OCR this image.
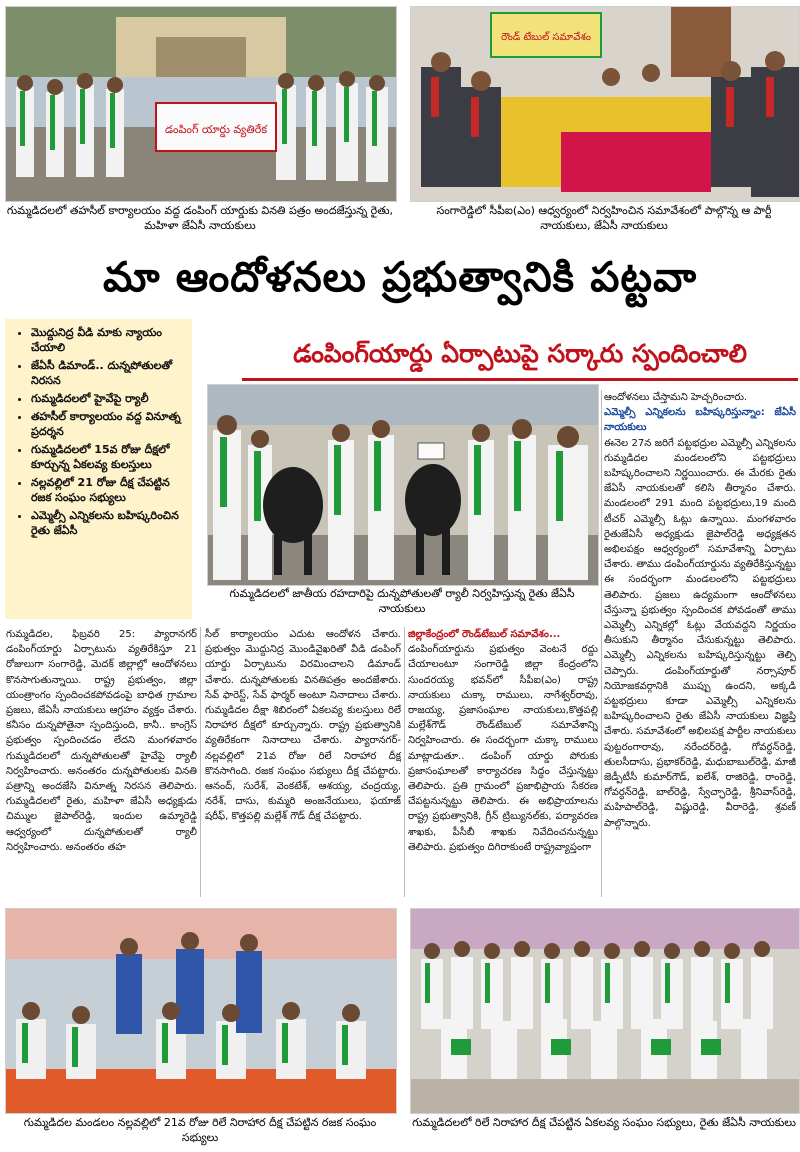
డంపింగ్ యార్డు వ్యతిరేక
గుమ్మడిదలలో తహసీల్ కార్యాలయం వద్ద డంపింగ్ యార్డుకు వినతి పత్రం అందజేస్తున్న రైతు, మహిళా జేఏసీ నాయకులు
రౌండ్ టేబుల్ సమావేశం
సంగారెడ్డిలో సీపీఐ(ఎం) ఆధ్వర్యంలో నిర్వహించిన సమావేశంలో పాల్గొన్న ఆ పార్టీ నాయకులు, జేఏసీ నాయకులు
మా ఆందోళనలు ప్రభుత్వానికి పట్టవా
• మొద్దునిద్ర వీడి మాకు న్యాయం చేయాలి
• జేఏసీ డిమాండ్.. దున్నపోతులతో నిరసన
• గుమ్మడిదలలో హైవేపై ర్యాలీ
• తహసీల్ కార్యాలయం వద్ద వినూత్న ప్రదర్శన
• గుమ్మడిదలలో 15వ రోజు దీక్షలో కూర్చున్న ఏకలవ్య కులస్తులు
• నల్లవల్లిలో 21 రోజు దీక్ష చేపట్టిన రజక సంఘం సభ్యులు
• ఎమ్మెల్సీ ఎన్నికలను బహిష్కరించిన రైతు జేఏసీ
డంపింగ్‌యార్డు ఏర్పాటుపై సర్కారు స్పందించాలి
గుమ్మడిదలలో జాతీయ రహదారిపై దున్నపోతులతో ర్యాలీ నిర్వహిస్తున్న రైతు జేఏసీ నాయకులు

గుమ్మడిదల, ఫిబ్రవరి 25: ప్యారానగర్ డంపింగ్‌యార్డు ఏర్పాటును వ్యతిరేకిస్తూ 21 రోజులుగా సంగారెడ్డి, మెదక్ జిల్లాల్లో ఆందోళనలు కొనసాగుతున్నాయి. రాష్ట్ర ప్రభుత్వం, జిల్లా యంత్రాంగం స్పందించకపోవడంపై బాధిత గ్రామాల ప్రజలు, జేఏసీ నాయకులు ఆగ్రహం వ్యక్తం చేశారు. కనీసం దున్నపోతైనా స్పందిస్తుంది, కానీ.. కాంగ్రెస్ ప్రభుత్వం స్పందించడం లేదని మంగళవారం గుమ్మడిదలలో దున్నపోతులతో హైవేపై ర్యాలీ నిర్వహించారు. అనంతరం దున్నపోతులకు వినతి పత్రాన్ని అందజేసి వినూత్న నిరసన తెలిపారు. గుమ్మడిదలలో రైతు, మహిళా జేఏసీ అధ్యక్షుడు చిమ్ముల జైపాల్‌రెడ్డి, ఇందుల ఉమ్మారెడ్డి ఆధ్వర్యంలో దున్నపోతులతో ర్యాలీ నిర్వహించారు. అనంతరం తహ

సీల్ కార్యాలయం ఎదుట ఆందోళన చేశారు. ప్రభుత్వం మొద్దునిద్ర మొండివైఖరితో వీడి డంపింగ్ యార్డు ఏర్పాటును విరమించాలని డిమాండ్ చేశారు. దున్నపోతులకు వినతిపత్రం అందజేశారు. సేవ్ ఫారెస్ట్, సేవ్ ఫార్మర్ అంటూ నినాదాలు చేశారు. గుమ్మడిదల దీక్షా శిబిరంలో ఏకలవ్య కులస్తులు రిలే నిరాహార దీక్షలో కూర్చున్నారు. రాష్ట్ర ప్రభుత్వానికి వ్యతిరేకంగా నినాదాలు చేశారు. ప్యారానగర్-నల్లవల్లిలో 21వ రోజు రిలే నిరాహార దీక్ష కొనసాగింది. రజక సంఘం సభ్యులు దీక్ష చేపట్టారు. ఆనంద్, సురేశ్, వెంకటేశ్, ఆశయ్య, చంద్రయ్య, నరేశ్, దాసు, కుమ్మరి అంజనేయులు, ఫయాజ్ షరీఫ్, కొత్తపల్లి మల్లేశ్ గౌడ్ దీక్ష చేపట్టారు.

జిల్లాకేంద్రంలో రౌండ్‌టేబుల్ సమావేశం...

డంపింగ్‌యార్డును ప్రభుత్వం వెంటనే రద్దు చేయాలంటూ సంగారెడ్డి జిల్లా కేంద్రంలోని సుందరయ్య భవన్‌లో సీపీఐ(ఎం) రాష్ట్ర నాయకులు చుక్కా రాములు, నాగేశ్వర్‌రావు, రాజయ్య, ప్రజాసంఘాల నాయకులు,కొత్తపల్లి మల్లేశ్‌గౌడ్ రౌండ్‌టేబుల్ సమావేశాన్ని నిర్వహించారు. ఈ సందర్భంగా చుక్కా రాములు మాట్లాడుతూ.. డంపింగ్ యార్డు పోరుకు ప్రజాసంఘాలతో కార్యాచరణ సిద్ధం చేస్తున్నట్టు తెలిపారు. ప్రతి గ్రామంలో ప్రజాభిప్రాయ సేకరణ చేపట్టనున్నట్టు తెలిపారు. ఈ అభిప్రాయాలను రాష్ట్ర ప్రభుత్వానికి, గ్రీన్ ట్రిబ్యునల్‌కు, పర్యావరణ శాఖకు, పీసీబీ శాఖకు నివేదించనున్నట్టు తెలిపారు. ప్రభుత్వం దిగిరాకుంటే రాష్ట్రవ్యాప్తంగా

ఆందోళనలు చేస్తామని హెచ్చరించారు.

ఎమ్మెల్సీ ఎన్నికలను బహిష్కరిస్తున్నాం: జేఏసీ నాయకులు

ఈనెల 27న జరిగే పట్టభద్రుల ఎమ్మెల్సీ ఎన్నికలను గుమ్మడిదల మండలంలోని పట్టభద్రులు బహిష్కరించాలని నిర్ణయించారు. ఈ మేరకు రైతు జేఏసీ నాయకులతో కలిసి తీర్మానం చేశారు. మండలంలో 291 మంది పట్టభద్రులు,19 మంది టీచర్ ఎమ్మెల్సీ ఓట్లు ఉన్నాయి. మంగళవారం రైతుజేఏసీ అధ్యక్షుడు జైపాల్‌రెడ్డి అధ్యక్షతన అభిలపక్షం ఆధ్వర్యంలో సమావేశాన్ని ఏర్పాటు చేశారు. తాము డంపింగ్‌యార్డును వ్యతిరేకిస్తున్నట్టు ఈ సందర్భంగా మండలంలోని పట్టభద్రులు తెలిపారు. ప్రజలు ఉద్యమంగా ఆందోళనలు చేస్తున్నా ప్రభుత్వం స్పందించక పోవడంతో తాము ఎమ్మెల్సీ ఎన్నికల్లో ఓట్లు వేయవద్దని నిర్ణయం తీసుకుని తీర్మానం చేసుకున్నట్టు తెలిపారు. ఎమ్మెల్సీ ఎన్నికలను బహిష్కరిస్తున్నట్టు తెల్పి చెప్పారు. డంపింగ్‌యార్డుతో నర్సాపూర్ నియోజకవర్గానికి ముప్పు ఉందని, అక్కడి పట్టభద్రులు కూడా ఎమ్మెల్సీ ఎన్నికలను బహిష్కరించాలని రైతు జేఏసీ నాయకులు విజ్ఞప్తి చేశారు. సమావేశంలో అభిలపక్ష పార్టీల నాయకులు పుట్టరంగారావు, నరేందర్‌రెడ్డి, గోవర్ధన్‌రెడ్డి, తులసీదాసు, ప్రభాకర్‌రెడ్డి, మధుబాబుల్‌రెడ్డి, మాజీ జెడ్పీటీసీ కుమార్‌గౌడ్, ఐలేశ్, రాజిరెడ్డి, రాంరెడ్డి, గోవర్ధన్‌రెడ్డి, బాల్‌రెడ్డి, స్వేచ్ఛారెడ్డి, శ్రీనివాస్‌రెడ్డి, మహిపాల్‌రెడ్డి, విష్ణురెడ్డి, వీరారెడ్డి, శ్రవణ్ పాల్గొన్నారు.

గుమ్మడిదల మండలం నల్లవల్లిలో 21వ రోజు రిలే నిరాహార దీక్ష చేపట్టిన రజక సంఘం సభ్యులు
గుమ్మడిదలలో రిలే నిరాహార దీక్ష చేపట్టిన ఏకలవ్య సంఘం సభ్యులు, రైతు జేఏసీ నాయకులు
